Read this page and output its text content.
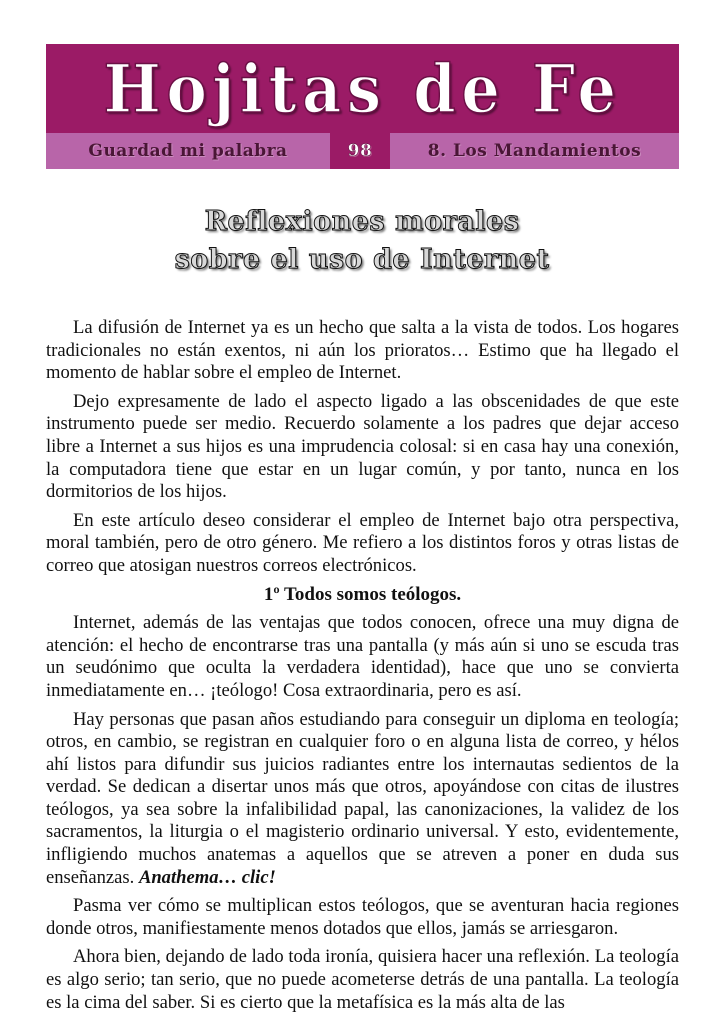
Hojitas de Fe
Guardad mi palabra	98	8. Los Mandamientos
Reflexiones morales
sobre el uso de Internet

La difusión de Internet ya es un hecho que salta a la vista de todos. Los hogares tradicionales no están exentos, ni aún los prioratos… Estimo que ha llegado el momento de hablar sobre el empleo de Internet.

Dejo expresamente de lado el aspecto ligado a las obscenidades de que este instrumento puede ser medio. Recuerdo solamente a los padres que dejar acceso libre a Internet a sus hijos es una imprudencia colosal: si en casa hay una conexión, la computadora tiene que estar en un lugar común, y por tanto, nunca en los dormitorios de los hijos.

En este artículo deseo considerar el empleo de Internet bajo otra perspectiva, moral también, pero de otro género. Me refiero a los distintos foros y otras listas de correo que atosigan nuestros correos electrónicos.

1º Todos somos teólogos.

Internet, además de las ventajas que todos conocen, ofrece una muy digna de atención: el hecho de encontrarse tras una pantalla (y más aún si uno se escuda tras un seudónimo que oculta la verdadera identidad), hace que uno se convierta inmediatamente en… ¡teólogo! Cosa extraordinaria, pero es así.

Hay personas que pasan años estudiando para conseguir un diploma en teología; otros, en cambio, se registran en cualquier foro o en alguna lista de correo, y hélos ahí listos para difundir sus juicios radiantes entre los internautas sedientos de la verdad. Se dedican a disertar unos más que otros, apoyándose con citas de ilustres teólogos, ya sea sobre la infalibilidad papal, las canonizaciones, la validez de los sacramentos, la liturgia o el magisterio ordinario universal. Y esto, evidentemente, infligiendo muchos anatemas a aquellos que se atreven a poner en duda sus enseñanzas. Anathema… clic!

Pasma ver cómo se multiplican estos teólogos, que se aventuran hacia regiones donde otros, manifiestamente menos dotados que ellos, jamás se arriesgaron.

Ahora bien, dejando de lado toda ironía, quisiera hacer una reflexión. La teología es algo serio; tan serio, que no puede acometerse detrás de una pantalla. La teología es la cima del saber. Si es cierto que la metafísica es la más alta de las
